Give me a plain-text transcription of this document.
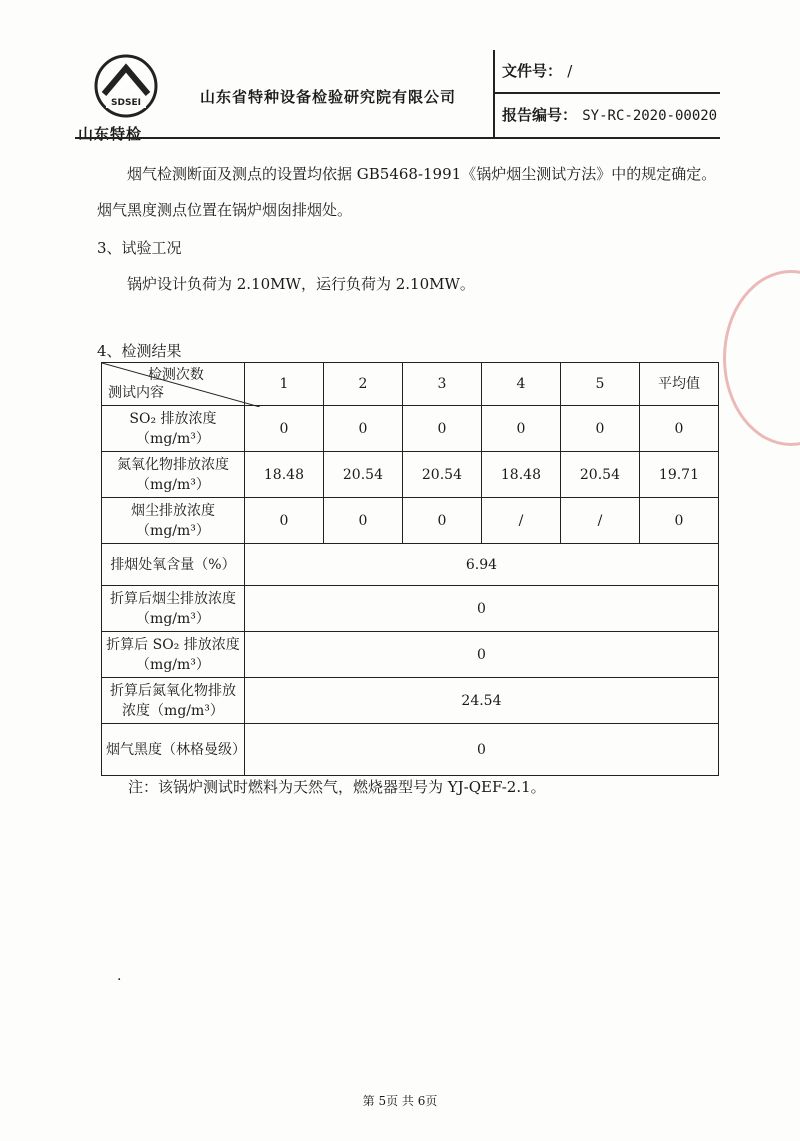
SDSEI
山东特检
山东省特种设备检验研究院有限公司
文件号： /
报告编号： SY-RC-2020-00020
烟气检测断面及测点的设置均依据 GB5468-1991《锅炉烟尘测试方法》中的规定确定。烟气黑度测点位置在锅炉烟囱排烟处。
3、试验工况
锅炉设计负荷为 2.10MW，运行负荷为 2.10MW。
4、检测结果
检测次数
测试内容	1	2	3	4	5	平均值
SO₂ 排放浓度（mg/m³）	0	0	0	0	0	0
氮氧化物排放浓度（mg/m³）	18.48	20.54	20.54	18.48	20.54	19.71
烟尘排放浓度（mg/m³）	0	0	0	/	/	0
排烟处氧含量（%）	6.94					
折算后烟尘排放浓度（mg/m³）	0					
折算后 SO₂ 排放浓度（mg/m³）	0					
折算后氮氧化物排放浓度（mg/m³）	24.54					
烟气黑度（林格曼级）	0					
注：该锅炉测试时燃料为天然气，燃烧器型号为 YJ-QEF-2.1。
.
第 5页 共 6页
